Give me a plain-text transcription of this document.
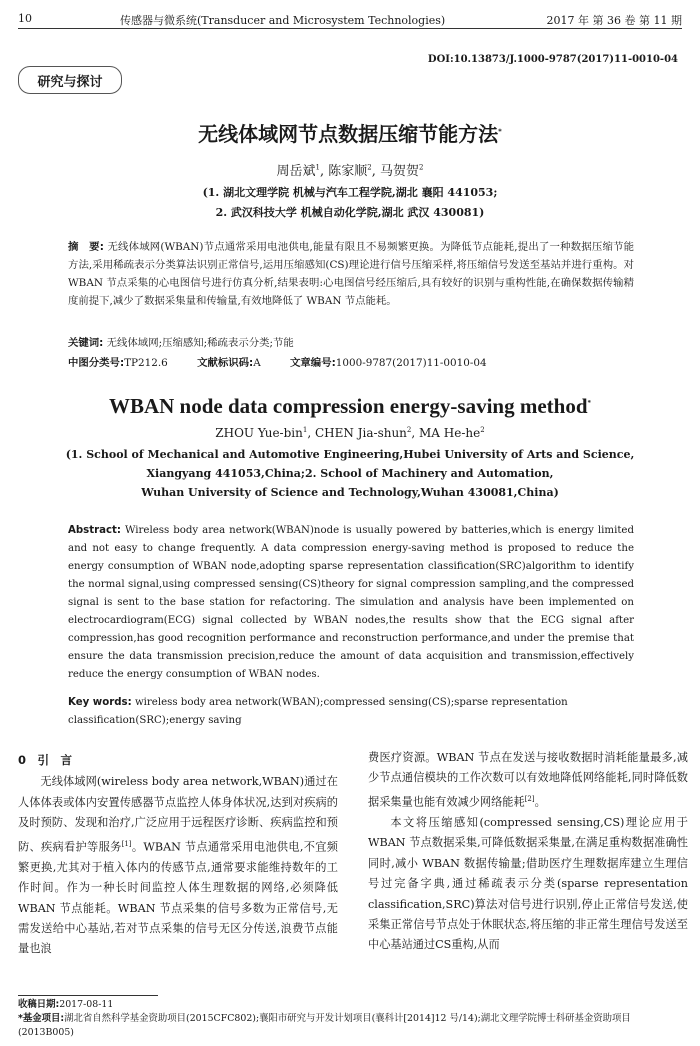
10	传感器与微系统(Transducer and Microsystem Technologies)	2017 年 第 36 卷 第 11 期
DOI:10.13873/J.1000-9787(2017)11-0010-04
研究与探讨
无线体域网节点数据压缩节能方法*
周岳斌$^1$, 陈家顺$^2$, 马贺贺$^2$
(1. 湖北文理学院 机械与汽车工程学院,湖北 襄阳 441053;
2. 武汉科技大学 机械自动化学院,湖北 武汉 430081)
摘　要: 无线体域网(WBAN)节点通常采用电池供电,能量有限且不易频繁更换。为降低节点能耗,提出了一种数据压缩节能方法,采用稀疏表示分类算法识别正常信号,运用压缩感知(CS)理论进行信号压缩采样,将压缩信号发送至基站并进行重构。对 WBAN 节点采集的心电图信号进行仿真分析,结果表明:心电图信号经压缩后,具有较好的识别与重构性能,在确保数据传输精度前提下,减少了数据采集量和传输量,有效地降低了 WBAN 节点能耗。
关键词: 无线体域网;压缩感知;稀疏表示分类;节能
中图分类号:TP212.6	文献标识码:A	文章编号:1000-9787(2017)11-0010-04
WBAN node data compression energy-saving method*
ZHOU Yue-bin$^1$, CHEN Jia-shun$^2$, MA $He-he^2$
(1. School of Mechanical and Automotive Engineering,Hubei University of Arts and Science,
Xiangyang 441053,China;2. School of Machinery and Automation,
Wuhan University of Science and Technology,Wuhan 430081,China)
Abstract: Wireless body area network(WBAN)node is usually powered by batteries,which is energy limited and not easy to change frequently. A data compression energy-saving method is proposed to reduce the energy consumption of WBAN node,adopting sparse representation classification(SRC)algorithm to identify the normal signal,using compressed sensing(CS)theory for signal compression sampling,and the compressed signal is sent to the base station for refactoring. The simulation and analysis have been implemented on electrocardiogram(ECG) signal collected by WBAN nodes,the results show that the ECG signal after compression,has good recognition performance and reconstruction performance,and under the premise that ensure the data transmission precision,reduce the amount of data acquisition and transmission,effectively reduce the energy consumption of WBAN nodes.
Key words: wireless body area network(WBAN);compressed sensing(CS);sparse representation classification(SRC);energy saving
0　引　言
无线体域网(wireless body area network,WBAN)通过在人体体表或体内安置传感器节点监控人体身体状况,达到对疾病的及时预防、发现和治疗,广泛应用于远程医疗诊断、疾病监控和预防、疾病看护等服务[1]。WBAN 节点通常采用电池供电,不宜频繁更换,尤其对于植入体内的传感节点,通常要求能维持数年的工作时间。作为一种长时间监控人体生理数据的网络,必须降低 WBAN 节点能耗。WBAN 节点采集的信号多数为正常信号,无需发送给中心基站,若对节点采集的信号无区分传送,浪费节点能量也浪
费医疗资源。WBAN 节点在发送与接收数据时消耗能量最多,减少节点通信模块的工作次数可以有效地降低网络能耗,同时降低数据采集量也能有效减少网络能耗[2]。
本文将压缩感知(compressed sensing,CS)理论应用于 WBAN 节点数据采集,可降低数据采集量,在满足重构数据准确性同时,减小 WBAN 数据传输量;借助医疗生理数据库建立生理信号过完备字典,通过稀疏表示分类(sparse representation classification,SRC)算法对信号进行识别,停止正常信号发送,使采集正常信号节点处于休眠状态,将压缩的非正常生理信号发送至中心基站通过CS重构,从而
收稿日期:2017-08-11
*基金项目:湖北省自然科学基金资助项目(2015CFC802);襄阳市研究与开发计划项目(襄科计[2014]12 号/14);湖北文理学院博士科研基金资助项目(2013B005)
